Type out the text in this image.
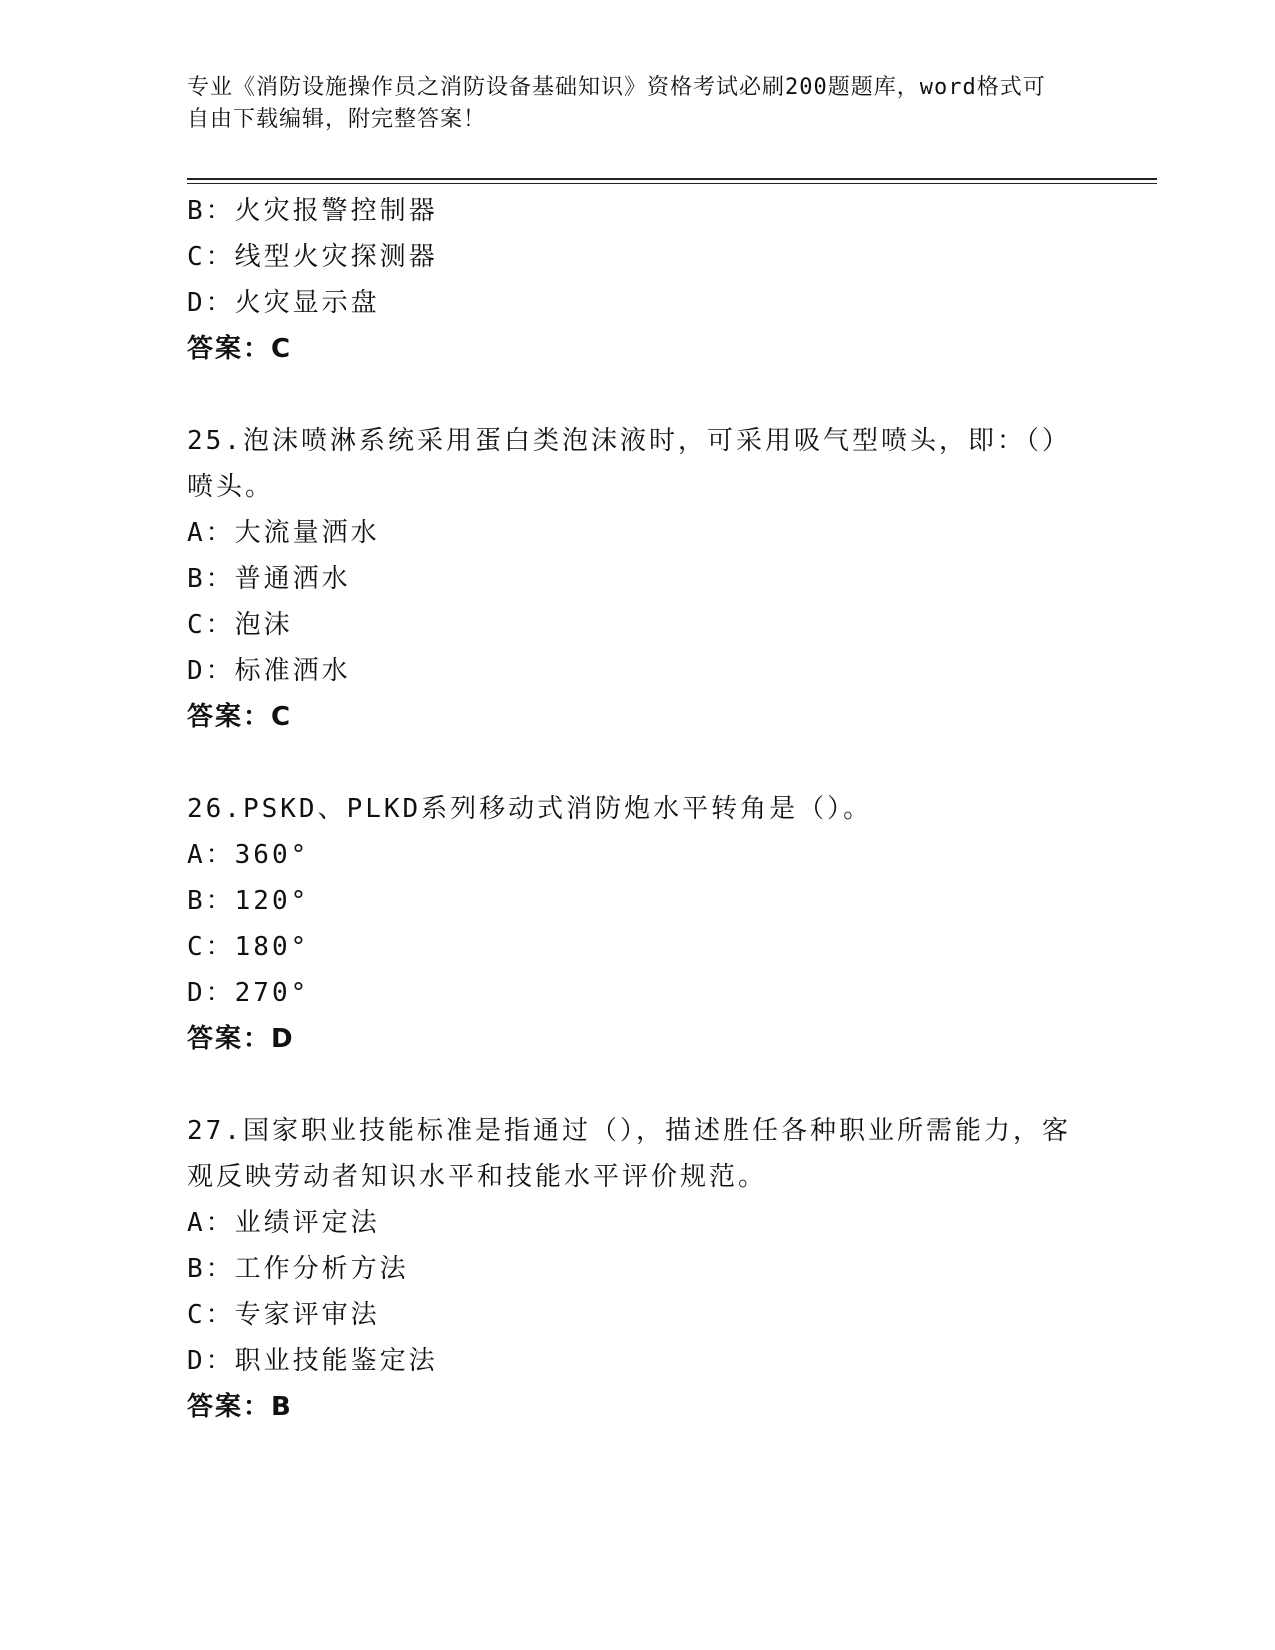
专业《消防设施操作员之消防设备基础知识》资格考试必刷200题题库，word格式可自由下载编辑，附完整答案！
B：火灾报警控制器
C：线型火灾探测器
D：火灾显示盘
答案：C
25.泡沫喷淋系统采用蛋白类泡沫液时，可采用吸气型喷头，即：（）喷头。
A：大流量洒水
B：普通洒水
C：泡沫
D：标准洒水
答案：C
26.PSKD、PLKD系列移动式消防炮水平转角是（）。
A：360°
B：120°
C：180°
D：270°
答案：D
27.国家职业技能标准是指通过（），描述胜任各种职业所需能力，客观反映劳动者知识水平和技能水平评价规范。
A：业绩评定法
B：工作分析方法
C：专家评审法
D：职业技能鉴定法
答案：B
